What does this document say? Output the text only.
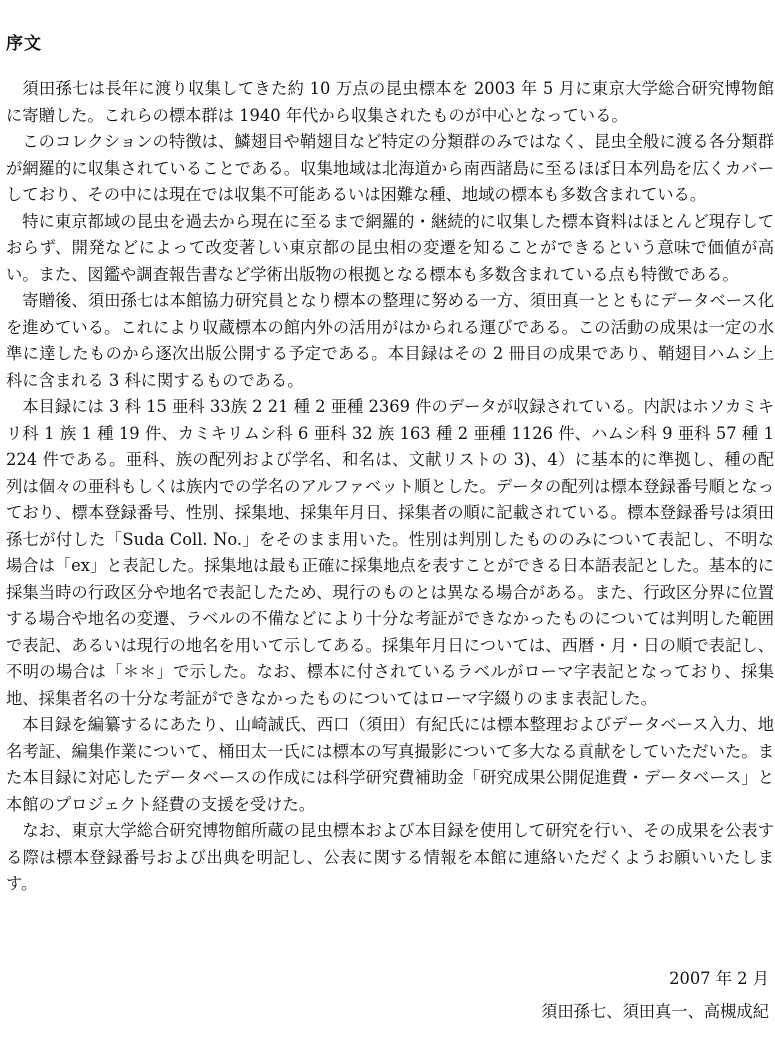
序文

須田孫七は長年に渡り収集してきた約 10 万点の昆虫標本を 2003 年 5 月に東京大学総合研究博物館に寄贈した。これらの標本群は 1940 年代から収集されたものが中心となっている。

このコレクションの特徴は、鱗翅目や鞘翅目など特定の分類群のみではなく、昆虫全般に渡る各分類群が網羅的に収集されていることである。収集地域は北海道から南西諸島に至るほぼ日本列島を広くカバーしており、その中には現在では収集不可能あるいは困難な種、地域の標本も多数含まれている。

特に東京都域の昆虫を過去から現在に至るまで網羅的・継続的に収集した標本資料はほとんど現存しておらず、開発などによって改変著しい東京都の昆虫相の変遷を知ることができるという意味で価値が高い。また、図鑑や調査報告書など学術出版物の根拠となる標本も多数含まれている点も特徴である。

寄贈後、須田孫七は本館協力研究員となり標本の整理に努める一方、須田真一とともにデータベース化を進めている。これにより収蔵標本の館内外の活用がはかられる運びである。この活動の成果は一定の水準に達したものから逐次出版公開する予定である。本目録はその 2 冊目の成果であり、鞘翅目ハムシ上科に含まれる 3 科に関するものである。

本目録には 3 科 15 亜科 33族 2 21 種 2 亜種 2369 件のデータが収録されている。内訳はホソカミキリ科 1 族 1 種 19 件、カミキリムシ科 6 亜科 32 族 163 種 2 亜種 1126 件、ハムシ科 9 亜科 57 種 1224 件である。亜科、族の配列および学名、和名は、文献リストの 3)、4）に基本的に準拠し、種の配列は個々の亜科もしくは族内での学名のアルファベット順とした。データの配列は標本登録番号順となっており、標本登録番号、性別、採集地、採集年月日、採集者の順に記載されている。標本登録番号は須田孫七が付した「Suda Coll. No.」をそのまま用いた。性別は判別したもののみについて表記し、不明な場合は「ex」と表記した。採集地は最も正確に採集地点を表すことができる日本語表記とした。基本的に採集当時の行政区分や地名で表記したため、現行のものとは異なる場合がある。また、行政区分界に位置する場合や地名の変遷、ラベルの不備などにより十分な考証ができなかったものについては判明した範囲で表記、あるいは現行の地名を用いて示してある。採集年月日については、西暦・月・日の順で表記し、不明の場合は「＊＊」で示した。なお、標本に付されているラベルがローマ字表記となっており、採集地、採集者名の十分な考証ができなかったものについてはローマ字綴りのまま表記した。

本目録を編纂するにあたり、山崎誠氏、西口（須田）有紀氏には標本整理およびデータベース入力、地名考証、編集作業について、桶田太一氏には標本の写真撮影について多大なる貢献をしていただいた。また本目録に対応したデータベースの作成には科学研究費補助金「研究成果公開促進費・データベース」と本館のプロジェクト経費の支援を受けた。

なお、東京大学総合研究博物館所蔵の昆虫標本および本目録を使用して研究を行い、その成果を公表する際は標本登録番号および出典を明記し、公表に関する情報を本館に連絡いただくようお願いいたします。

2007 年 2 月
須田孫七、須田真一、高槻成紀
